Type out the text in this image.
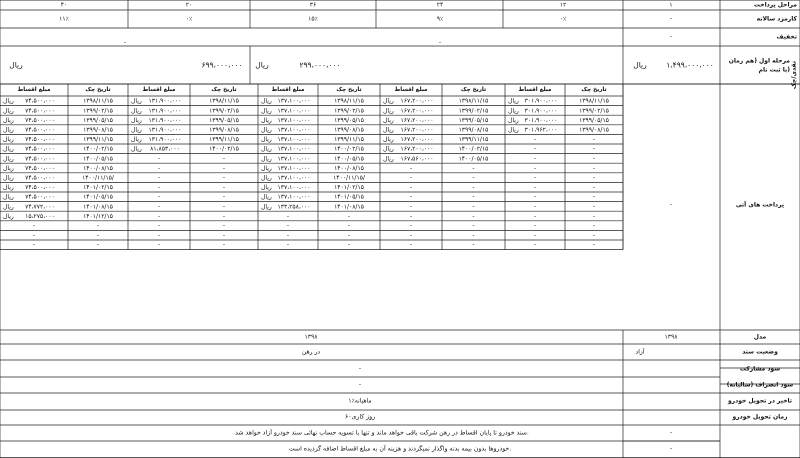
مراحل پرداخت
کارمزد سالانه
تخفیف
مرحله اول (هم زمان
با ثبت نام) نقدی/چک
۱
-
۱۲
۰٪
۲۴
۹٪
۳۶
۱۵٪
۲۰
۰٪
۴۰
۱۱٪
-
-
-
۱،۴۹۹،۰۰۰،۰۰۰
ریال
۲۹۹،۰۰۰،۰۰۰
ریال
۶۹۹،۰۰۰،۰۰۰
ریال
پرداخت های آتی
-
تاریخ چک
مبلغ اقساط
تاریخ چک
مبلغ اقساط
تاریخ چک
مبلغ اقساط
تاریخ چک
مبلغ اقساط
تاریخ چک
مبلغ اقساط
۱۳۹۸/۱۱/۱۵
۳۰۱،۹۰۰،۰۰۰
ریال
۱۳۹۸/۱۱/۱۵
۱۶۷،۲۰۰،۰۰۰
ریال
۱۳۹۸/۱۱/۱۵
۱۳۷،۱۰۰،۰۰۰
ریال
۱۳۹۸/۱۱/۱۵
۱۳۱،۹۰۰،۰۰۰
ریال
۱۳۹۸/۱۱/۱۵
۷۴،۵۰۰،۰۰۰
ریال
۱۳۹۹/۰۲/۱۵
۳۰۱،۹۰۰،۰۰۰
ریال
۱۳۹۹/۰۲/۱۵
۱۶۷،۲۰۰،۰۰۰
ریال
۱۳۹۹/۰۲/۱۵
۱۳۷،۱۰۰،۰۰۰
ریال
۱۳۹۹/۰۲/۱۵
۱۳۱،۹۰۰،۰۰۰
ریال
۱۳۹۹/۰۲/۱۵
۷۴،۵۰۰،۰۰۰
ریال
۱۳۹۹/۰۵/۱۵
۳۰۱،۹۰۰،۰۰۰
ریال
۱۳۹۹/۰۵/۱۵
۱۶۷،۲۰۰،۰۰۰
ریال
۱۳۹۹/۰۵/۱۵
۱۳۷،۱۰۰،۰۰۰
ریال
۱۳۹۹/۰۵/۱۵
۱۳۱،۹۰۰،۰۰۰
ریال
۱۳۹۹/۰۵/۱۵
۷۴،۵۰۰،۰۰۰
ریال
۱۳۹۹/۰۸/۱۵
۳۰۱،۹۶۲،۰۰۰
ریال
۱۳۹۹/۰۸/۱۵
۱۶۷،۲۰۰،۰۰۰
ریال
۱۳۹۹/۰۸/۱۵
۱۳۷،۱۰۰،۰۰۰
ریال
۱۳۹۹/۰۸/۱۵
۱۳۱،۹۰۰،۰۰۰
ریال
۱۳۹۹/۰۸/۱۵
۷۴،۵۰۰،۰۰۰
ریال
-
-
۱۳۹۹/۱۱/۱۵
۱۶۷،۲۰۰،۰۰۰
ریال
۱۳۹۹/۱۱/۱۵
۱۳۷،۱۰۰،۰۰۰
ریال
۱۳۹۹/۱۱/۱۵
۱۳۱،۹۰۰،۰۰۰
ریال
۱۳۹۹/۱۱/۱۵
۷۴،۵۰۰،۰۰۰
ریال
-
-
۱۴۰۰/۰۲/۱۵
۱۶۷،۲۰۰،۰۰۰
ریال
۱۴۰۰/۰۲/۱۵
۱۳۷،۱۰۰،۰۰۰
ریال
۱۴۰۰/۰۲/۱۵
۸۱،۸۵۳،۰۰۰
ریال
۱۴۰۰/۰۲/۱۵
۷۴،۵۰۰،۰۰۰
ریال
-
-
۱۴۰۰/۰۵/۱۵
۱۶۷،۵۶۰،۰۰۰
ریال
۱۴۰۰/۰۵/۱۵
۱۳۷،۱۰۰،۰۰۰
ریال
-
-
۱۴۰۰/۰۵/۱۵
۷۴،۵۰۰،۰۰۰
ریال
-
-
-
-
۱۴۰۰/۰۸/۱۵
۱۳۷،۱۰۰،۰۰۰
ریال
-
-
۱۴۰۰/۰۸/۱۵
۷۴،۵۰۰،۰۰۰
ریال
-
-
-
-
۱۴۰۰/۱۱/۱۵/
۱۳۷،۱۰۰،۰۰۰
ریال
-
-
۱۴۰۰/۱۱/۱۵/
۷۴،۵۰۰،۰۰۰
ریال
-
-
-
-
۱۴۰۱/۰۲/۱۵
۱۳۷،۱۰۰،۰۰۰
ریال
-
-
۱۴۰۱/۰۲/۱۵
۷۴،۵۰۰،۰۰۰
ریال
-
-
-
-
۱۴۰۱/۰۵/۱۵
۱۳۷،۱۰۰،۰۰۰
ریال
-
-
۱۴۰۱/۰۵/۱۵
۷۴،۵۰۰،۰۰۰
ریال
-
-
-
-
۱۴۰۱/۰۸/۱۵
۱۳۳،۲۵۸،۰۰۰
ریال
-
-
۱۴۰۱/۰۸/۱۵
۷۴،۷۷۲،۰۰۰
ریال
-
-
-
-
-
-
-
-
۱۴۰۱/۱۲/۱۵
۱۵،۲۷۵،۰۰۰
ریال
-
-
-
-
-
-
-
-
-
-
-
-
-
-
-
-
-
-
-
-
-
-
-
-
-
-
-
-
-
-
مدل
۱۳۹۸
۱۳۹۸
وضعیت سند
آزاد
در رهن
سود مشارکت
-
سود انصراف (سالیانه)
-
تاخیر در تحویل خودرو
۱٪ماهیانه
زمان تحویل خودرو
۶۰روز کاری
-
-
سند خودرو تا پایان اقساط در رهن شرکت باقی خواهد ماند و تنها با تسویه حساب نهائی سند خودرو آزاد خواهد شد.
خودروها بدون بیمه بدنه واگذار نمیگردند و هزینه آن به مبلغ اقساط اضافه گردیده است.
